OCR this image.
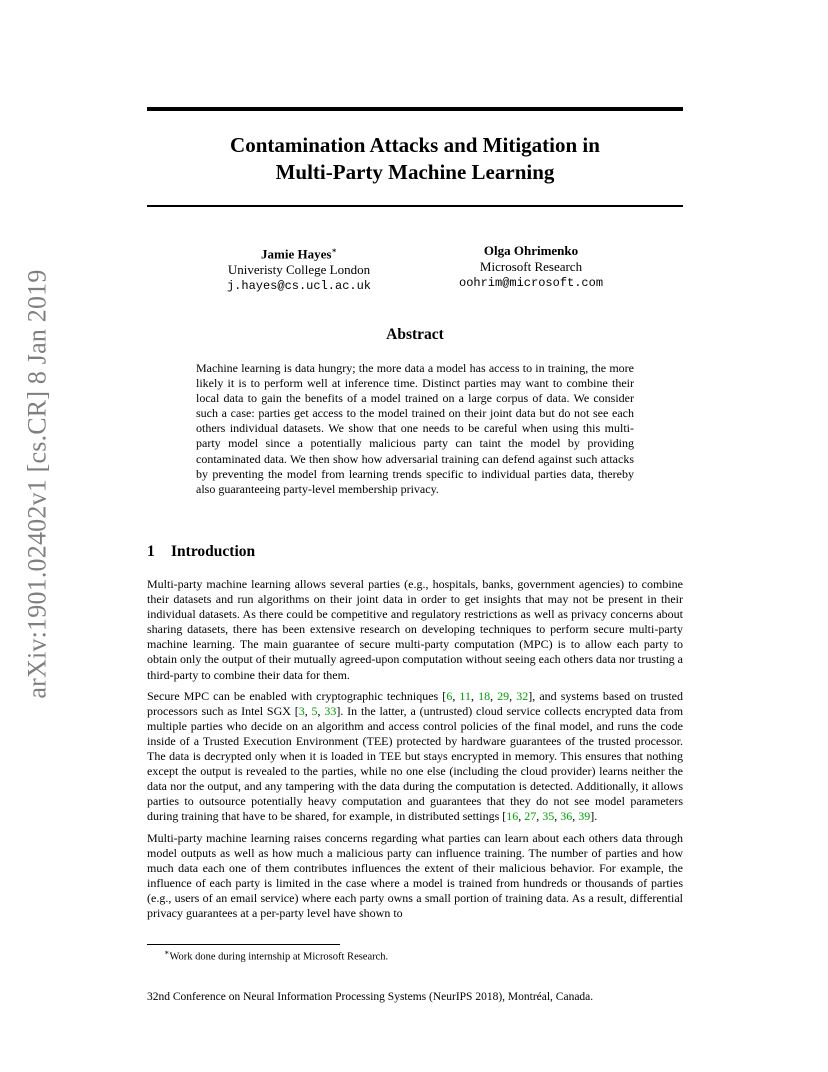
arXiv:1901.02402v1 [cs.CR] 8 Jan 2019
Contamination Attacks and Mitigation in
Multi-Party Machine Learning
Jamie Hayes∗
Univeristy College London
j.hayes@cs.ucl.ac.uk
Olga Ohrimenko
Microsoft Research
oohrim@microsoft.com
Abstract

Machine learning is data hungry; the more data a model has access to in training, the more likely it is to perform well at inference time. Distinct parties may want to combine their local data to gain the benefits of a model trained on a large corpus of data. We consider such a case: parties get access to the model trained on their joint data but do not see each others individual datasets. We show that one needs to be careful when using this multi-party model since a potentially malicious party can taint the model by providing contaminated data. We then show how adversarial training can defend against such attacks by preventing the model from learning trends specific to individual parties data, thereby also guaranteeing party-level membership privacy.

1 Introduction

Multi-party machine learning allows several parties (e.g., hospitals, banks, government agencies) to combine their datasets and run algorithms on their joint data in order to get insights that may not be present in their individual datasets. As there could be competitive and regulatory restrictions as well as privacy concerns about sharing datasets, there has been extensive research on developing techniques to perform secure multi-party machine learning. The main guarantee of secure multi-party computation (MPC) is to allow each party to obtain only the output of their mutually agreed-upon computation without seeing each others data nor trusting a third-party to combine their data for them.

Secure MPC can be enabled with cryptographic techniques [6, 11, 18, 29, 32], and systems based on trusted processors such as Intel SGX [3, 5, 33]. In the latter, a (untrusted) cloud service collects encrypted data from multiple parties who decide on an algorithm and access control policies of the final model, and runs the code inside of a Trusted Execution Environment (TEE) protected by hardware guarantees of the trusted processor. The data is decrypted only when it is loaded in TEE but stays encrypted in memory. This ensures that nothing except the output is revealed to the parties, while no one else (including the cloud provider) learns neither the data nor the output, and any tampering with the data during the computation is detected. Additionally, it allows parties to outsource potentially heavy computation and guarantees that they do not see model parameters during training that have to be shared, for example, in distributed settings [16, 27, 35, 36, 39].

Multi-party machine learning raises concerns regarding what parties can learn about each others data through model outputs as well as how much a malicious party can influence training. The number of parties and how much data each one of them contributes influences the extent of their malicious behavior. For example, the influence of each party is limited in the case where a model is trained from hundreds or thousands of parties (e.g., users of an email service) where each party owns a small portion of training data. As a result, differential privacy guarantees at a per-party level have shown to

∗Work done during internship at Microsoft Research.

32nd Conference on Neural Information Processing Systems (NeurIPS 2018), Montréal, Canada.
